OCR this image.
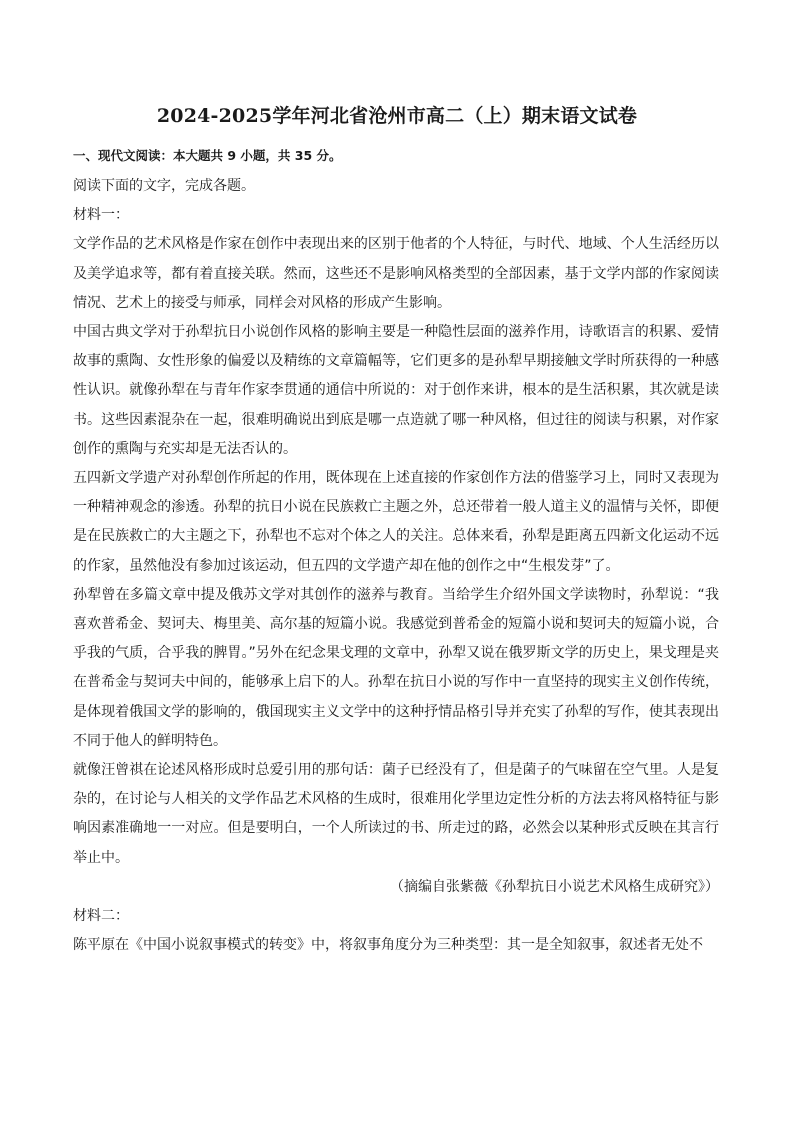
2024-2025学年河北省沧州市高二（上）期末语文试卷

一、现代文阅读：本大题共 9 小题，共 35 分。

阅读下面的文字，完成各题。

材料一：

文学作品的艺术风格是作家在创作中表现出来的区别于他者的个人特征，与时代、地域、个人生活经历以及美学追求等，都有着直接关联。然而，这些还不是影响风格类型的全部因素，基于文学内部的作家阅读情况、艺术上的接受与师承，同样会对风格的形成产生影响。

中国古典文学对于孙犁抗日小说创作风格的影响主要是一种隐性层面的滋养作用，诗歌语言的积累、爱情故事的熏陶、女性形象的偏爱以及精练的文章篇幅等，它们更多的是孙犁早期接触文学时所获得的一种感性认识。就像孙犁在与青年作家李贯通的通信中所说的：对于创作来讲，根本的是生活积累，其次就是读书。这些因素混杂在一起，很难明确说出到底是哪一点造就了哪一种风格，但过往的阅读与积累，对作家创作的熏陶与充实却是无法否认的。

五四新文学遗产对孙犁创作所起的作用，既体现在上述直接的作家创作方法的借鉴学习上，同时又表现为一种精神观念的渗透。孙犁的抗日小说在民族救亡主题之外，总还带着一般人道主义的温情与关怀，即便是在民族救亡的大主题之下，孙犁也不忘对个体之人的关注。总体来看，孙犁是距离五四新文化运动不远的作家，虽然他没有参加过该运动，但五四的文学遗产却在他的创作之中“生根发芽”了。

孙犁曾在多篇文章中提及俄苏文学对其创作的滋养与教育。当给学生介绍外国文学读物时，孙犁说：“我喜欢普希金、契诃夫、梅里美、高尔基的短篇小说。我感觉到普希金的短篇小说和契诃夫的短篇小说，合乎我的气质，合乎我的脾胃。”另外在纪念果戈理的文章中，孙犁又说在俄罗斯文学的历史上，果戈理是夹在普希金与契诃夫中间的，能够承上启下的人。孙犁在抗日小说的写作中一直坚持的现实主义创作传统，是体现着俄国文学的影响的，俄国现实主义文学中的这种抒情品格引导并充实了孙犁的写作，使其表现出不同于他人的鲜明特色。

就像汪曾祺在论述风格形成时总爱引用的那句话：菌子已经没有了，但是菌子的气味留在空气里。人是复杂的，在讨论与人相关的文学作品艺术风格的生成时，很难用化学里边定性分析的方法去将风格特征与影响因素准确地一一对应。但是要明白，一个人所读过的书、所走过的路，必然会以某种形式反映在其言行举止中。

（摘编自张紫薇《孙犁抗日小说艺术风格生成研究》）

材料二：

陈平原在《中国小说叙事模式的转变》中，将叙事角度分为三种类型：其一是全知叙事，叙述者无处不
